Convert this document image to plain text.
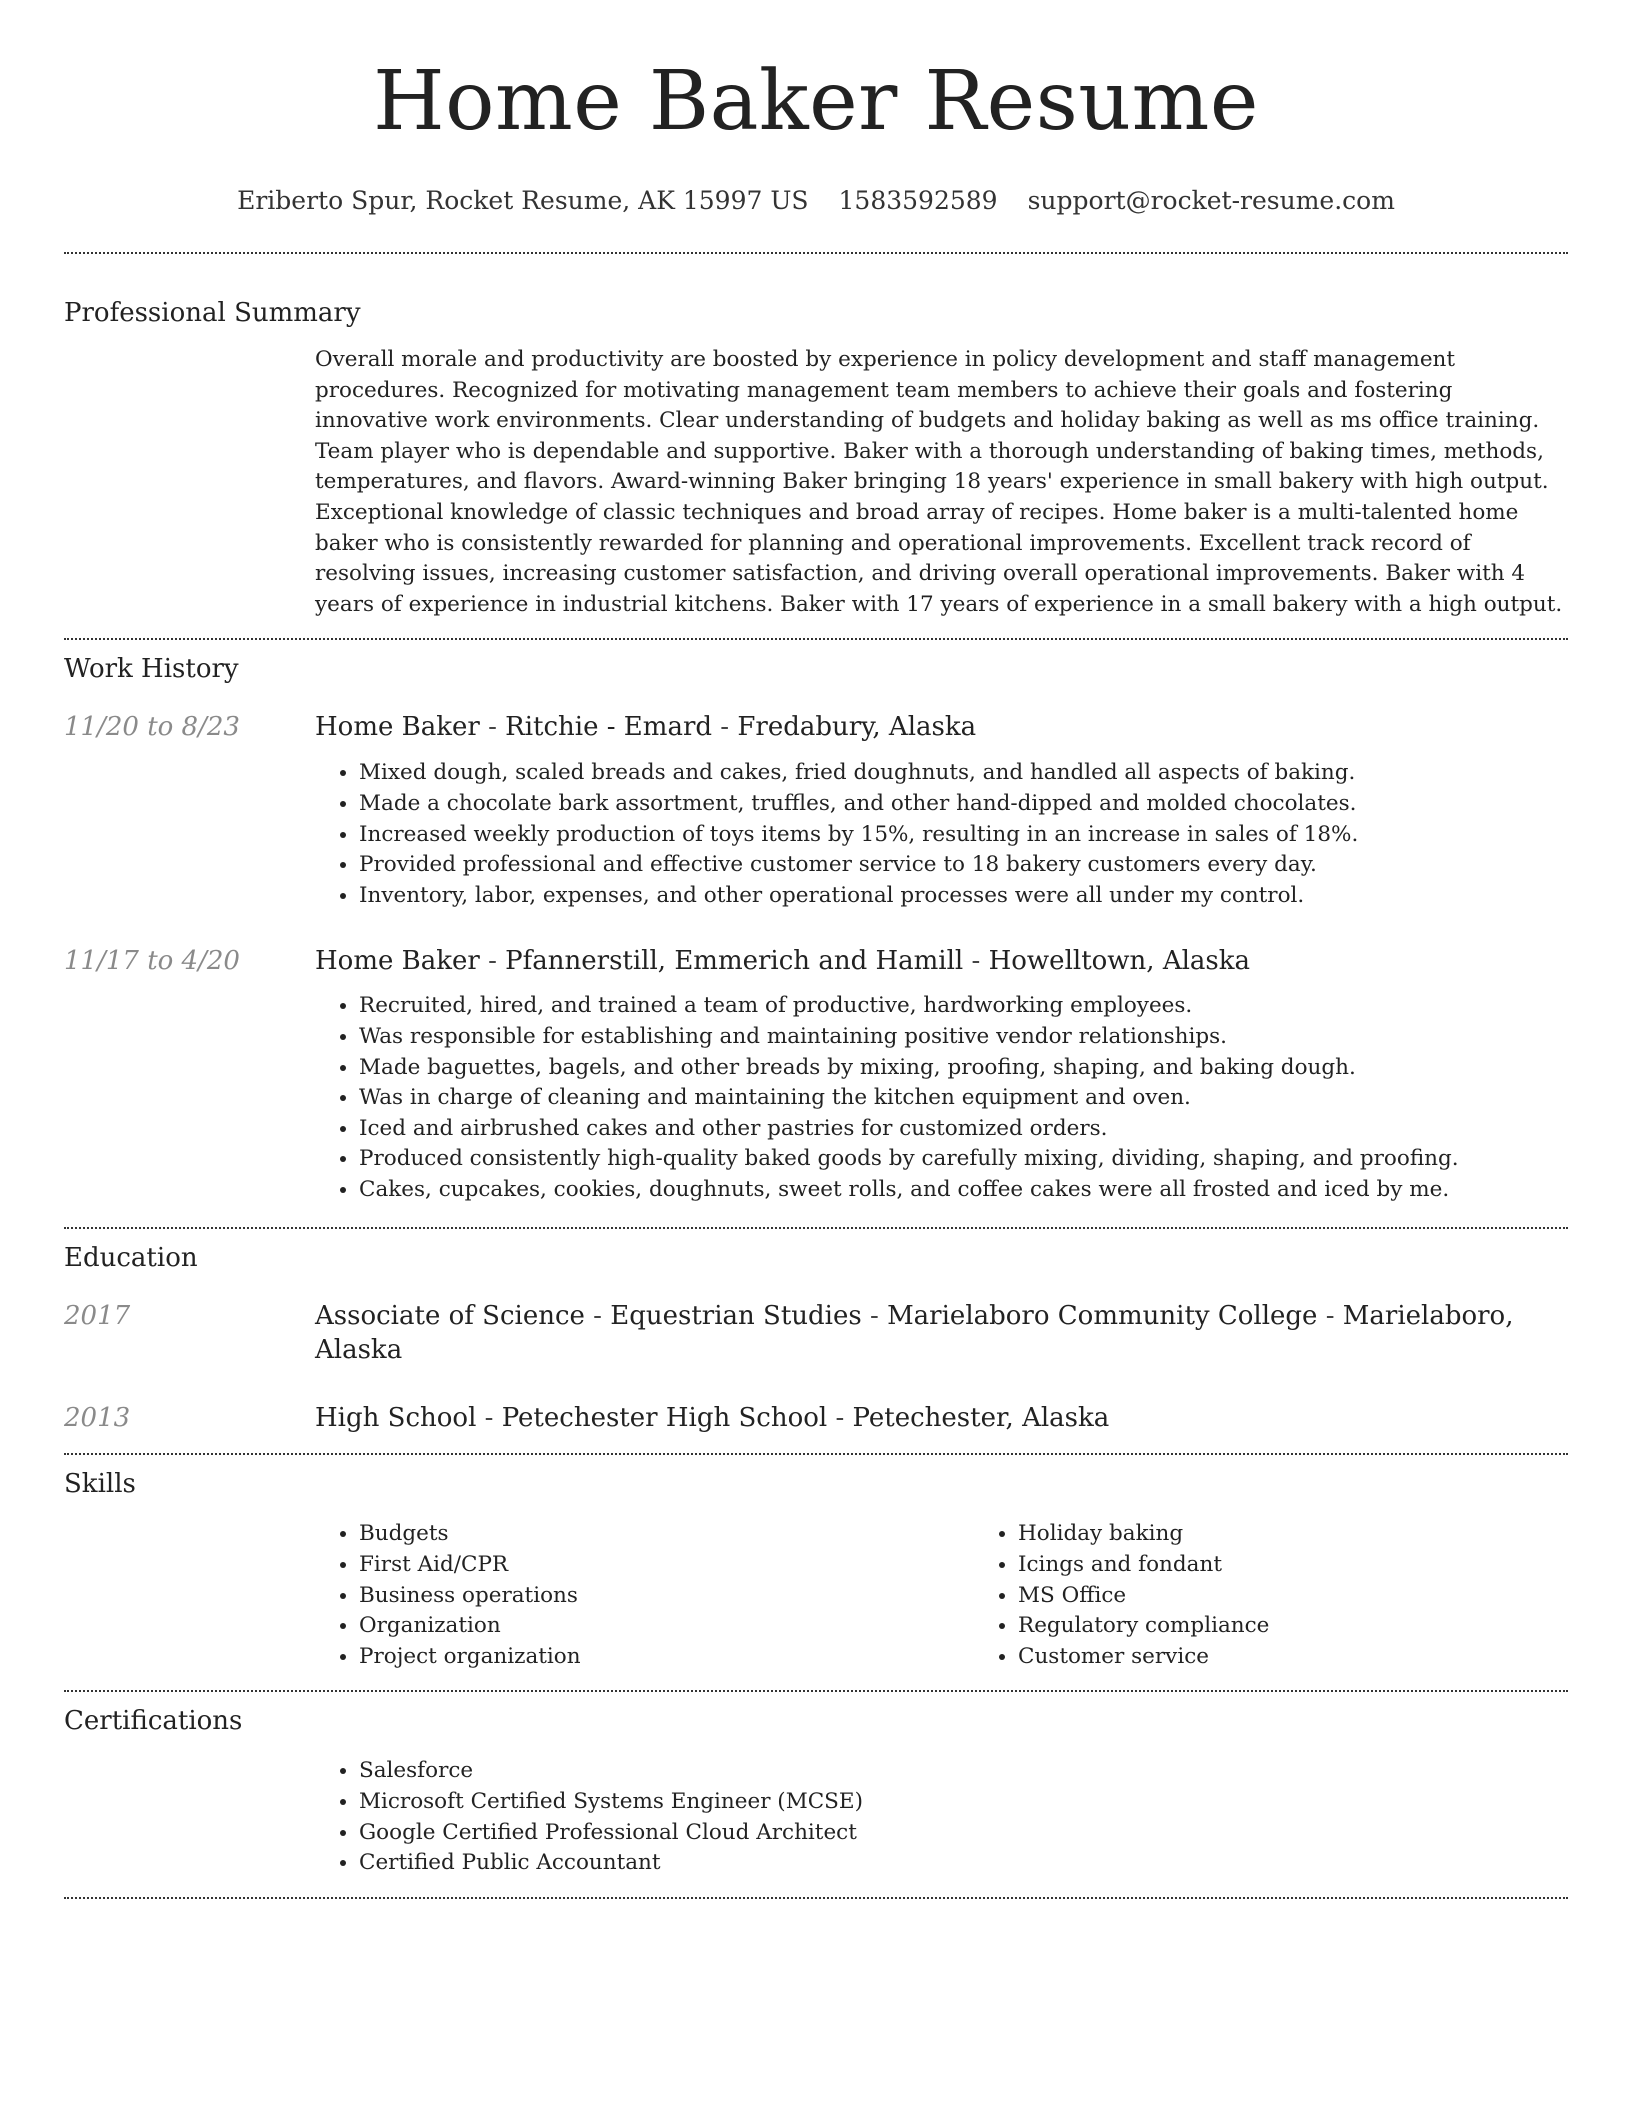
Home Baker Resume
Eriberto Spur, Rocket Resume, AK 15997 US 1583592589 support@rocket-resume.com
Professional Summary
Overall morale and productivity are boosted by experience in policy development and staff management procedures. Recognized for motivating management team members to achieve their goals and fostering innovative work environments. Clear understanding of budgets and holiday baking as well as ms office training. Team player who is dependable and supportive. Baker with a thorough understanding of baking times, methods, temperatures, and flavors. Award-winning Baker bringing 18 years' experience in small bakery with high output. Exceptional knowledge of classic techniques and broad array of recipes. Home baker is a multi-talented home baker who is consistently rewarded for planning and operational improvements. Excellent track record of resolving issues, increasing customer satisfaction, and driving overall operational improvements. Baker with 4 years of experience in industrial kitchens. Baker with 17 years of experience in a small bakery with a high output.
Work History
11/20 to 8/23	Home Baker - Ritchie - Emard - Fredabury, Alaska
• Mixed dough, scaled breads and cakes, fried doughnuts, and handled all aspects of baking.
• Made a chocolate bark assortment, truffles, and other hand-dipped and molded chocolates.
• Increased weekly production of toys items by 15%, resulting in an increase in sales of 18%.
• Provided professional and effective customer service to 18 bakery customers every day.
• Inventory, labor, expenses, and other operational processes were all under my control.
11/17 to 4/20	Home Baker - Pfannerstill, Emmerich and Hamill - Howelltown, Alaska
• Recruited, hired, and trained a team of productive, hardworking employees.
• Was responsible for establishing and maintaining positive vendor relationships.
• Made baguettes, bagels, and other breads by mixing, proofing, shaping, and baking dough.
• Was in charge of cleaning and maintaining the kitchen equipment and oven.
• Iced and airbrushed cakes and other pastries for customized orders.
• Produced consistently high-quality baked goods by carefully mixing, dividing, shaping, and proofing.
• Cakes, cupcakes, cookies, doughnuts, sweet rolls, and coffee cakes were all frosted and iced by me.
Education
2017	Associate of Science - Equestrian Studies - Marielaboro Community College - Marielaboro, Alaska
2013	High School - Petechester High School - Petechester, Alaska
Skills
• Budgets
• First Aid/CPR
• Business operations
• Organization
• Project organization
• Holiday baking
• Icings and fondant
• MS Office
• Regulatory compliance
• Customer service
Certifications
• Salesforce
• Microsoft Certified Systems Engineer (MCSE)
• Google Certified Professional Cloud Architect
• Certified Public Accountant
